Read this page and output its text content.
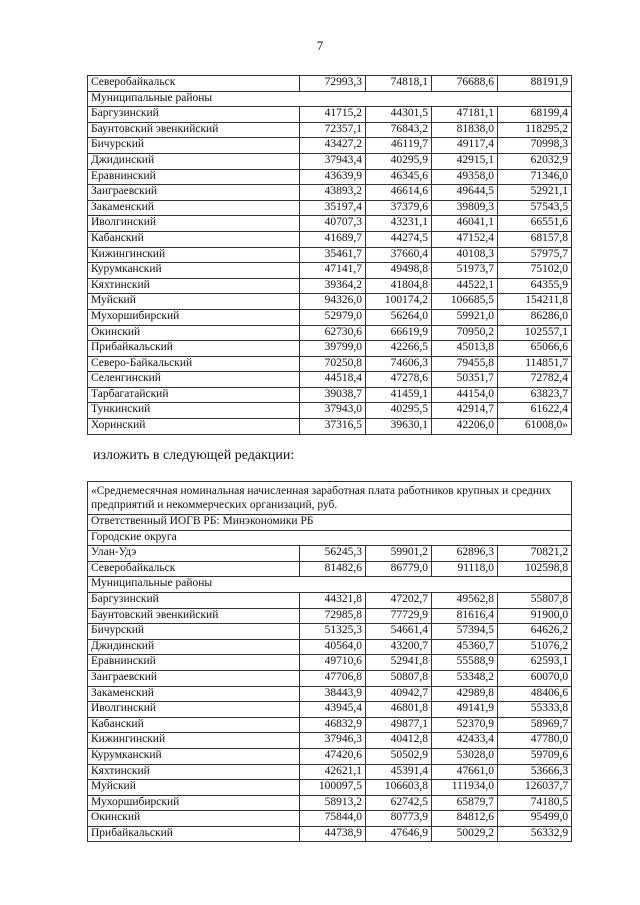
7
Северобайкальск	72993,3	74818,1	76688,6	88191,9
Муниципальные районы				
Баргузинский	41715,2	44301,5	47181,1	68199,4
Баунтовский эвенкийский	72357,1	76843,2	81838,0	118295,2
Бичурский	43427,2	46119,7	49117,4	70998,3
Джидинский	37943,4	40295,9	42915,1	62032,9
Еравнинский	43639,9	46345,6	49358,0	71346,0
Заиграевский	43893,2	46614,6	49644,5	52921,1
Закаменский	35197,4	37379,6	39809,3	57543,5
Иволгинский	40707,3	43231,1	46041,1	66551,6
Кабанский	41689,7	44274,5	47152,4	68157,8
Кижингинский	35461,7	37660,4	40108,3	57975,7
Курумканский	47141,7	49498,8	51973,7	75102,0
Кяхтинский	39364,2	41804,8	44522,1	64355,9
Муйский	94326,0	100174,2	106685,5	154211,8
Мухоршибирский	52979,0	56264,0	59921,0	86286,0
Окинский	62730,6	66619,9	70950,2	102557,1
Прибайкальский	39799,0	42266,5	45013,8	65066,6
Северо-Байкальский	70250,8	74606,3	79455,8	114851,7
Селенгинский	44518,4	47278,6	50351,7	72782,4
Тарбагатайский	39038,7	41459,1	44154,0	63823,7
Тункинский	37943,0	40295,5	42914,7	61622,4
Хоринский	37316,5	39630,1	42206,0	61008,0»
изложить в следующей редакции:
«Среднемесячная номинальная начисленная заработная плата работников крупных и средних предприятий и некоммерческих организаций, руб.				
Ответственный ИОГВ РБ: Минэкономики РБ				
Городские округа				
Улан-Удэ	56245,3	59901,2	62896,3	70821,2
Северобайкальск	81482,6	86779,0	91118,0	102598,8
Муниципальные районы				
Баргузинский	44321,8	47202,7	49562,8	55807,8
Баунтовский эвенкийский	72985,8	77729,9	81616,4	91900,0
Бичурский	51325,3	54661,4	57394,5	64626,2
Джидинский	40564,0	43200,7	45360,7	51076,2
Еравнинский	49710,6	52941,8	55588,9	62593,1
Заиграевский	47706,8	50807,8	53348,2	60070,0
Закаменский	38443,9	40942,7	42989,8	48406,6
Иволгинский	43945,4	46801,8	49141,9	55333,8
Кабанский	46832,9	49877,1	52370,9	58969,7
Кижингинский	37946,3	40412,8	42433,4	47780,0
Курумканский	47420,6	50502,9	53028,0	59709,6
Кяхтинский	42621,1	45391,4	47661,0	53666,3
Муйский	100097,5	106603,8	111934,0	126037,7
Мухоршибирский	58913,2	62742,5	65879,7	74180,5
Окинский	75844,0	80773,9	84812,6	95499,0
Прибайкальский	44738,9	47646,9	50029,2	56332,9
